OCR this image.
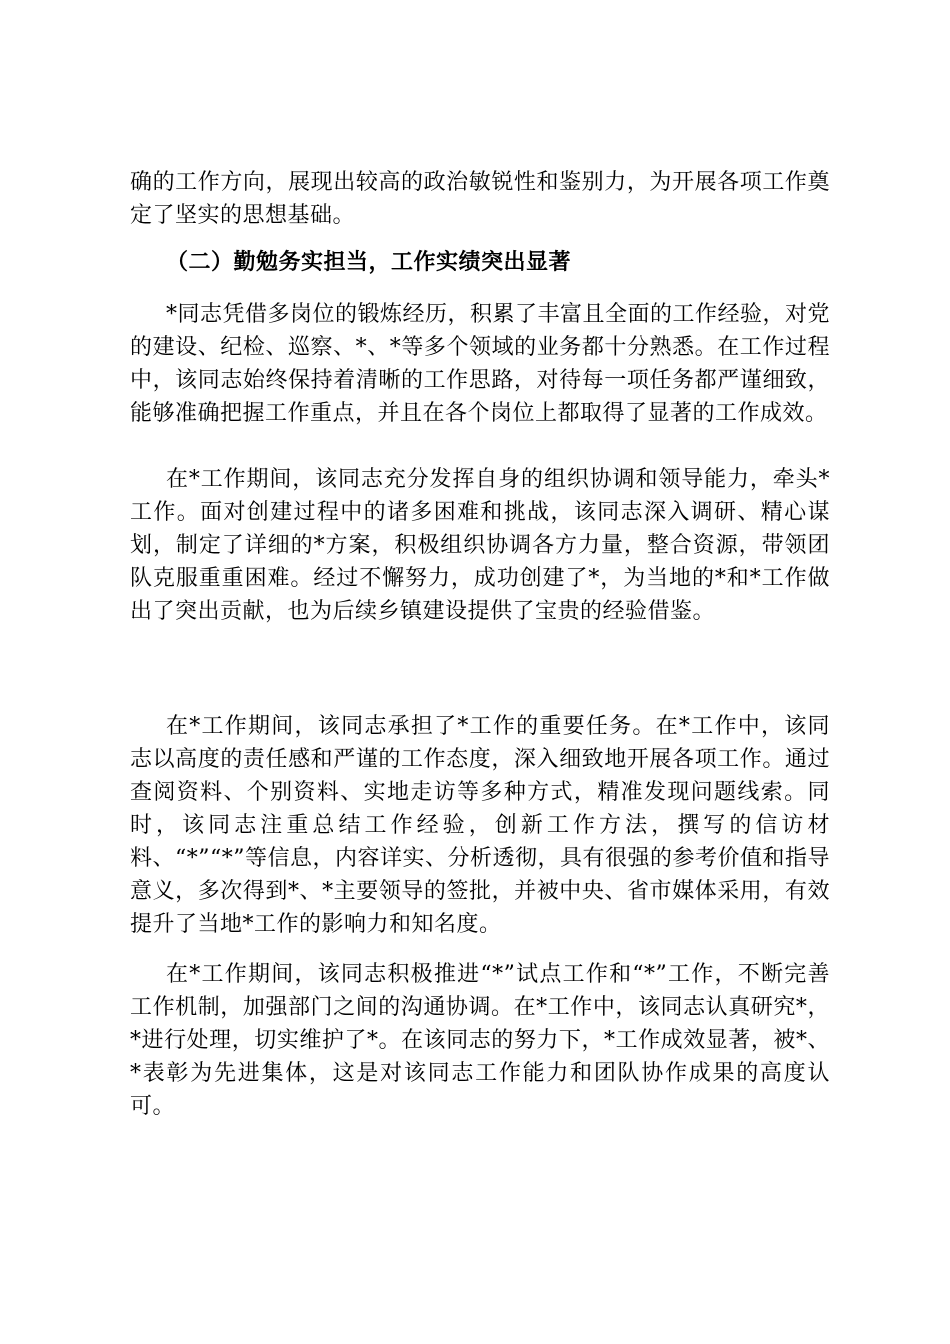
确的工作方向，展现出较高的政治敏锐性和鉴别力，为开展各项工作奠定了坚实的思想基础。

（二）勤勉务实担当，工作实绩突出显著

*同志凭借多岗位的锻炼经历，积累了丰富且全面的工作经验，对党的建设、纪检、巡察、*、*等多个领域的业务都十分熟悉。在工作过程中，该同志始终保持着清晰的工作思路，对待每一项任务都严谨细致，能够准确把握工作重点，并且在各个岗位上都取得了显著的工作成效。

在*工作期间，该同志充分发挥自身的组织协调和领导能力，牵头*工作。面对创建过程中的诸多困难和挑战，该同志深入调研、精心谋划，制定了详细的*方案，积极组织协调各方力量，整合资源，带领团队克服重重困难。经过不懈努力，成功创建了*，为当地的*和*工作做出了突出贡献，也为后续乡镇建设提供了宝贵的经验借鉴。

在*工作期间，该同志承担了*工作的重要任务。在*工作中，该同志以高度的责任感和严谨的工作态度，深入细致地开展各项工作。通过查阅资料、个别资料、实地走访等多种方式，精准发现问题线索。同时，该同志注重总结工作经验，创新工作方法，撰写的信访材料、“*”“*”等信息，内容详实、分析透彻，具有很强的参考价值和指导意义，多次得到*、*主要领导的签批，并被中央、省市媒体采用，有效提升了当地*工作的影响力和知名度。

在*工作期间，该同志积极推进“*”试点工作和“*”工作，不断完善工作机制，加强部门之间的沟通协调。在*工作中，该同志认真研究*，*进行处理，切实维护了*。在该同志的努力下，*工作成效显著，被*、*表彰为先进集体，这是对该同志工作能力和团队协作成果的高度认可。
